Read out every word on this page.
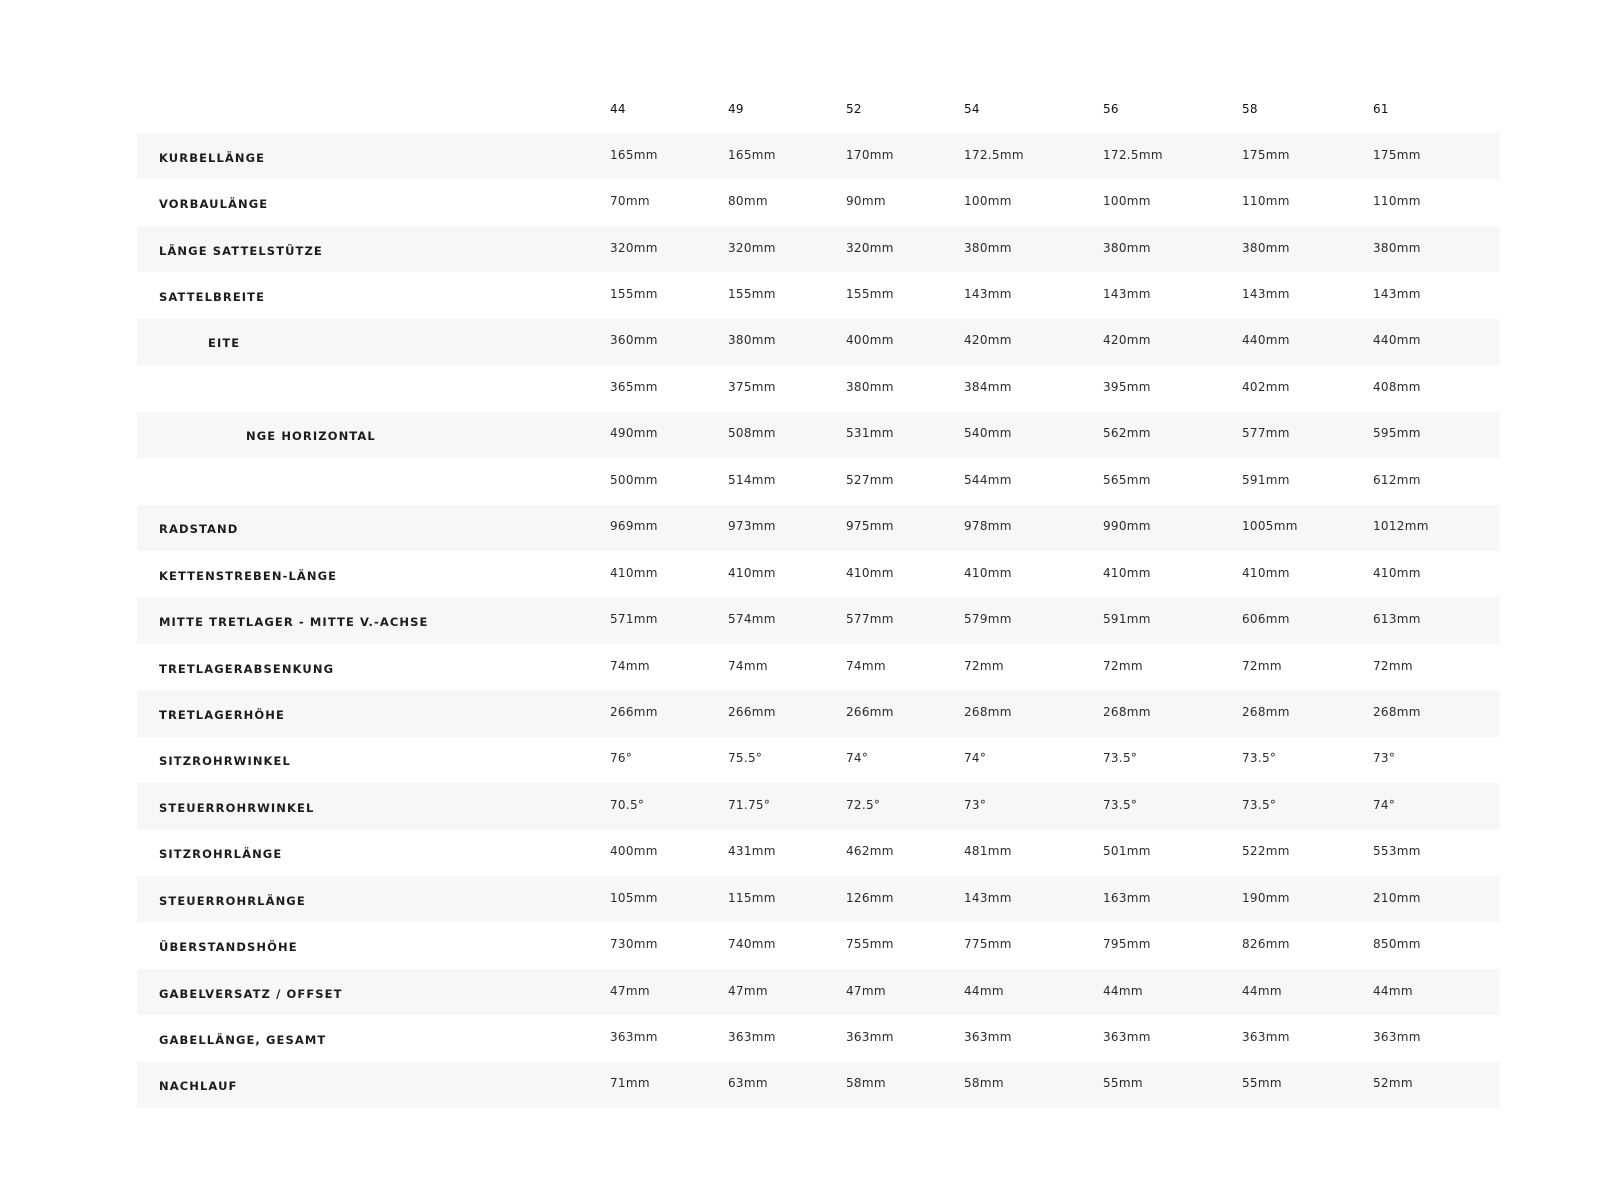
	44	49	52	54	56	58	61
KURBELLÄNGE	165mm	165mm	170mm	172.5mm	172.5mm	175mm	175mm
VORBAULÄNGE	70mm	80mm	90mm	100mm	100mm	110mm	110mm
LÄNGE SATTELSTÜTZE	320mm	320mm	320mm	380mm	380mm	380mm	380mm
SATTELBREITE	155mm	155mm	155mm	143mm	143mm	143mm	143mm
EITE	360mm	380mm	400mm	420mm	420mm	440mm	440mm
	365mm	375mm	380mm	384mm	395mm	402mm	408mm
NGE HORIZONTAL	490mm	508mm	531mm	540mm	562mm	577mm	595mm
	500mm	514mm	527mm	544mm	565mm	591mm	612mm
RADSTAND	969mm	973mm	975mm	978mm	990mm	1005mm	1012mm
KETTENSTREBEN-LÄNGE	410mm	410mm	410mm	410mm	410mm	410mm	410mm
MITTE TRETLAGER - MITTE V.-ACHSE	571mm	574mm	577mm	579mm	591mm	606mm	613mm
TRETLAGERABSENKUNG	74mm	74mm	74mm	72mm	72mm	72mm	72mm
TRETLAGERHÖHE	266mm	266mm	266mm	268mm	268mm	268mm	268mm
SITZROHRWINKEL	76°	75.5°	74°	74°	73.5°	73.5°	73°
STEUERROHRWINKEL	70.5°	71.75°	72.5°	73°	73.5°	73.5°	74°
SITZROHRLÄNGE	400mm	431mm	462mm	481mm	501mm	522mm	553mm
STEUERROHRLÄNGE	105mm	115mm	126mm	143mm	163mm	190mm	210mm
ÜBERSTANDSHÖHE	730mm	740mm	755mm	775mm	795mm	826mm	850mm
GABELVERSATZ / OFFSET	47mm	47mm	47mm	44mm	44mm	44mm	44mm
GABELLÄNGE, GESAMT	363mm	363mm	363mm	363mm	363mm	363mm	363mm
NACHLAUF	71mm	63mm	58mm	58mm	55mm	55mm	52mm
